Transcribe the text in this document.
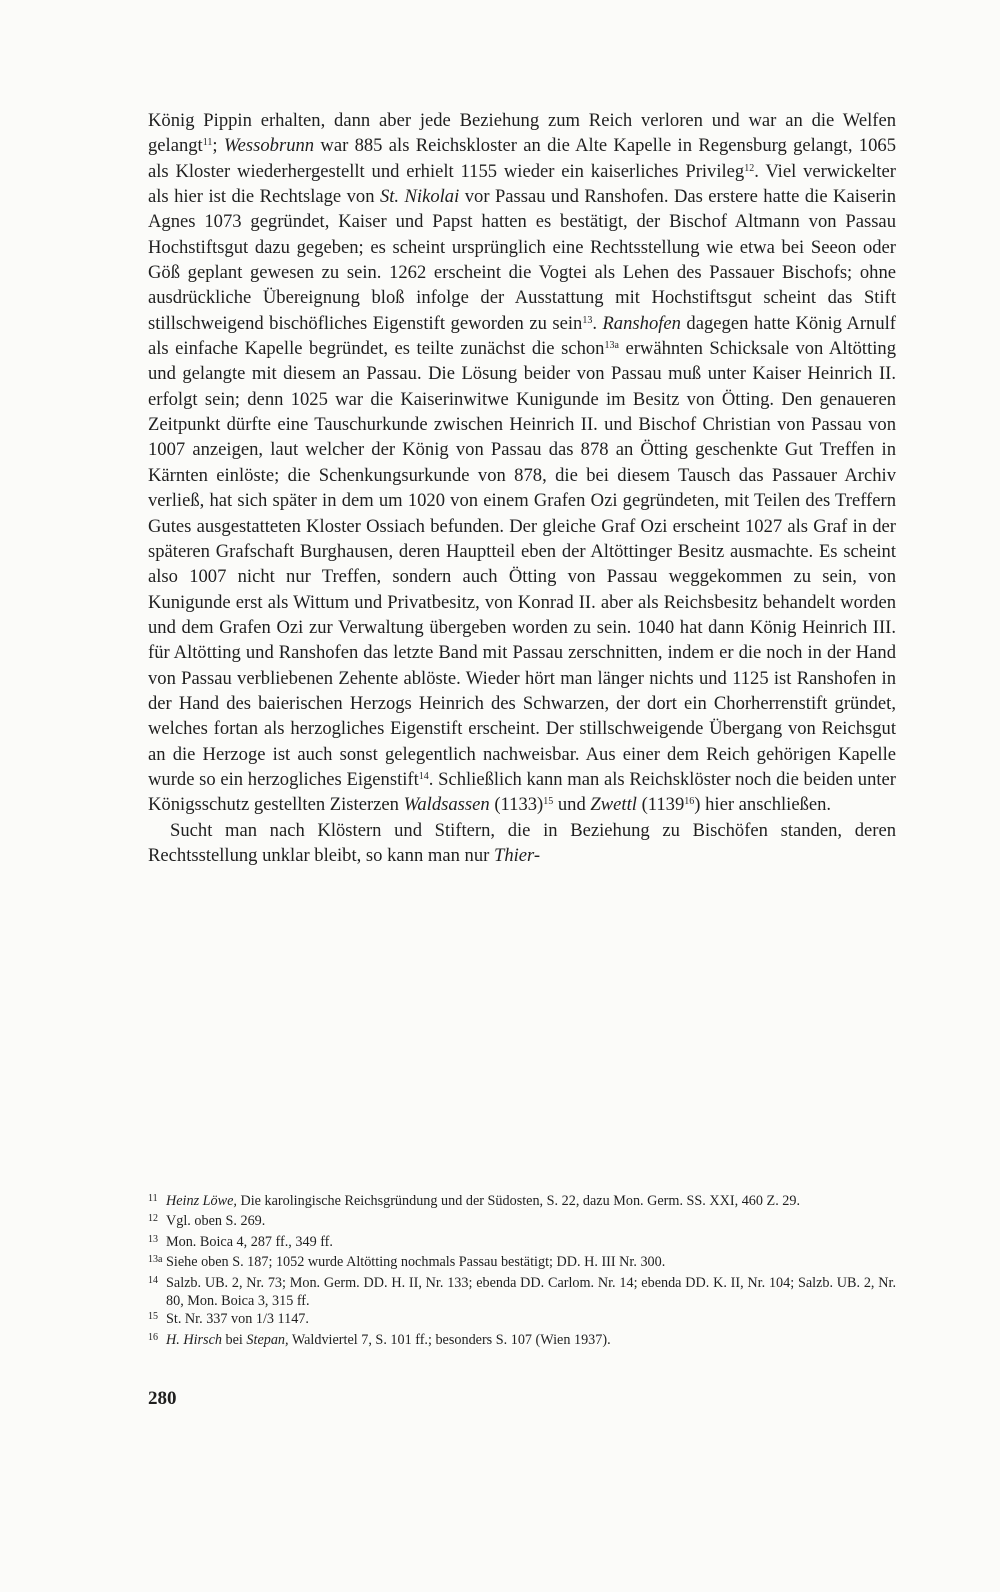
König Pippin erhalten, dann aber jede Beziehung zum Reich verloren und war an die Welfen gelangt$^{11}$; Wessobrunn war 885 als Reichskloster an die Alte Kapelle in Regensburg gelangt, 1065 als Kloster wiederhergestellt und erhielt 1155 wieder ein kaiserliches Privileg$^{12}$. Viel verwickelter als hier ist die Rechtslage von St. Nikolai vor Passau und Ranshofen. Das erstere hatte die Kaiserin Agnes 1073 gegründet, Kaiser und Papst hatten es bestätigt, der Bischof Altmann von Passau Hochstiftsgut dazu gegeben; es scheint ursprünglich eine Rechtsstellung wie etwa bei Seeon oder Göß geplant gewesen zu sein. 1262 erscheint die Vogtei als Lehen des Passauer Bischofs; ohne ausdrückliche Übereignung bloß infolge der Ausstattung mit Hochstiftsgut scheint das Stift stillschweigend bischöfliches Eigenstift geworden zu sein$^{13}$. Ranshofen dagegen hatte König Arnulf als einfache Kapelle begründet, es teilte zunächst die schon$^{13a}$ erwähnten Schicksale von Altötting und gelangte mit diesem an Passau. Die Lösung beider von Passau muß unter Kaiser Heinrich II. erfolgt sein; denn 1025 war die Kaiserinwitwe Kunigunde im Besitz von Ötting. Den genaueren Zeitpunkt dürfte eine Tauschurkunde zwischen Heinrich II. und Bischof Christian von Passau von 1007 anzeigen, laut welcher der König von Passau das 878 an Ötting geschenkte Gut Treffen in Kärnten einlöste; die Schenkungsurkunde von 878, die bei diesem Tausch das Passauer Archiv verließ, hat sich später in dem um 1020 von einem Grafen Ozi gegründeten, mit Teilen des Treffern Gutes ausgestatteten Kloster Ossiach befunden. Der gleiche Graf Ozi erscheint 1027 als Graf in der späteren Grafschaft Burghausen, deren Hauptteil eben der Altöttinger Besitz ausmachte. Es scheint also 1007 nicht nur Treffen, sondern auch Ötting von Passau weggekommen zu sein, von Kunigunde erst als Wittum und Privatbesitz, von Konrad II. aber als Reichsbesitz behandelt worden und dem Grafen Ozi zur Verwaltung übergeben worden zu sein. 1040 hat dann König Heinrich III. für Altötting und Ranshofen das letzte Band mit Passau zerschnitten, indem er die noch in der Hand von Passau verbliebenen Zehente ablöste. Wieder hört man länger nichts und 1125 ist Ranshofen in der Hand des baierischen Herzogs Heinrich des Schwarzen, der dort ein Chorherrenstift gründet, welches fortan als herzogliches Eigenstift erscheint. Der stillschweigende Übergang von Reichsgut an die Herzoge ist auch sonst gelegentlich nachweisbar. Aus einer dem Reich gehörigen Kapelle wurde so ein herzogliches Eigenstift$^{14}$. Schließlich kann man als Reichsklöster noch die beiden unter Königsschutz gestellten Zisterzen Waldsassen $(1133)^{15}$ und Zwettl (1139$^{16}$) hier anschließen.

Sucht man nach Klöstern und Stiftern, die in Beziehung zu Bischöfen standen, deren Rechtsstellung unklar bleibt, so kann man nur Thier-

11 Heinz Löwe, Die karolingische Reichsgründung und der Südosten, S. 22, dazu Mon. Germ. SS. XXI, 460 Z. 29.
12 Vgl. oben S. 269.
13 Mon. Boica 4, 287 ff., 349 ff.
13a Siehe oben S. 187; 1052 wurde Altötting nochmals Passau bestätigt; DD. H. III Nr. 300.
14 Salzb. UB. 2, Nr. 73; Mon. Germ. DD. H. II, Nr. 133; ebenda DD. Carlom. Nr. 14; ebenda DD. K. II, Nr. 104; Salzb. UB. 2, Nr. 80, Mon. Boica 3, 315 ff.
15 St. Nr. 337 von 1/3 1147.
16 H. Hirsch bei Stepan, Waldviertel 7, S. 101 ff.; besonders S. 107 (Wien 1937).
280
